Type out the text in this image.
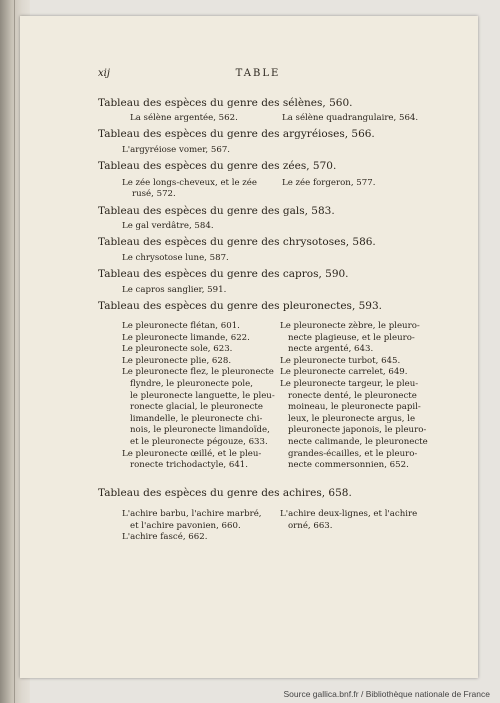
xij	TABLE
Tableau des espèces du genre des sélènes, 560.
La sélène argentée, 562.	La sélène quadrangulaire, 564.
Tableau des espèces du genre des argyréioses, 566.
L'argyréiose vomer, 567.
Tableau des espèces du genre des zées, 570.
Le zée longs-cheveux, et le zée
rusé, 572.
Le zée forgeron, 577.
Tableau des espèces du genre des gals, 583.
Le gal verdâtre, 584.
Tableau des espèces du genre des chrysotoses, 586.
Le chrysotose lune, 587.
Tableau des espèces du genre des capros, 590.
Le capros sanglier, 591.
Tableau des espèces du genre des pleuronectes, 593.
Le pleuronecte flétan, 601.
Le pleuronecte limande, 622.
Le pleuronecte sole, 623.
Le pleuronecte plie, 628.
Le pleuronecte flez, le pleuronecte
flyndre, le pleuronecte pole,
le pleuronecte languette, le pleu-
ronecte glacial, le pleuronecte
limandelle, le pleuronecte chi-
nois, le pleuronecte limandoïde,
et le pleuronecte pégouze, 633.
Le pleuronecte œillé, et le pleu-
ronecte trichodactyle, 641.
Le pleuronecte zèbre, le pleuro-
necte plagieuse, et le pleuro-
necte argenté, 643.
Le pleuronecte turbot, 645.
Le pleuronecte carrelet, 649.
Le pleuronecte targeur, le pleu-
ronecte denté, le pleuronecte
moineau, le pleuronecte papil-
leux, le pleuronecte argus, le
pleuronecte japonois, le pleuro-
necte calimande, le pleuronecte
grandes-écailles, et le pleuro-
necte commersonnien, 652.
Tableau des espèces du genre des achires, 658.
L'achire barbu, l'achire marbré,
et l'achire pavonien, 660.
L'achire fascé, 662.
L'achire deux-lignes, et l'achire
orné, 663.
Source gallica.bnf.fr / Bibliothèque nationale de France
